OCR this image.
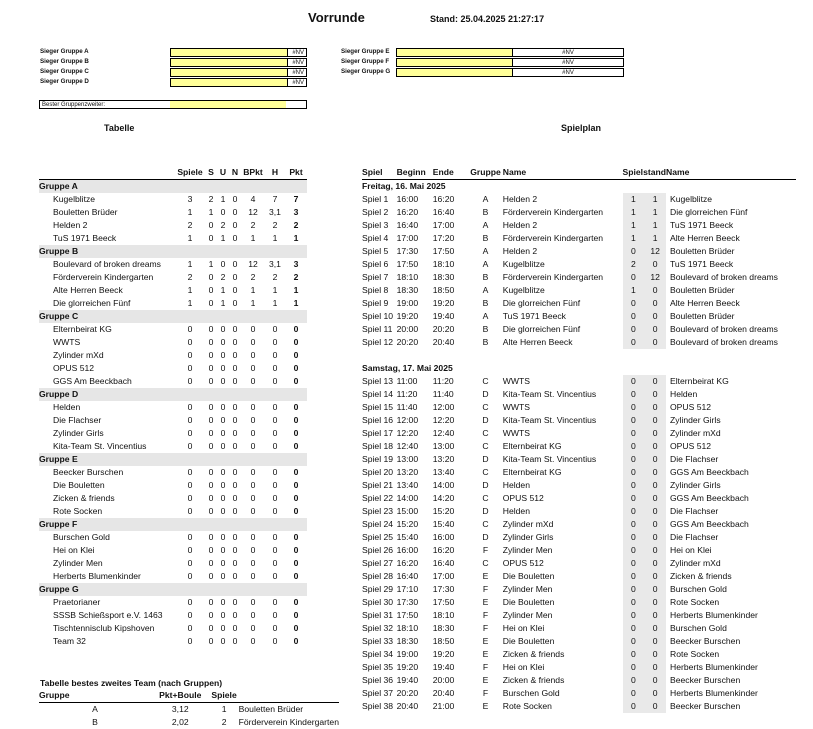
Vorrunde	Stand: 25.04.2025 21:27:17
Sieger Gruppe A	#NV
Sieger Gruppe B	#NV
Sieger Gruppe C	#NV
Sieger Gruppe D	#NV
Sieger Gruppe E	#NV
Sieger Gruppe F	#NV
Sieger Gruppe G	#NV
Bester Gruppenzweiter:
Tabelle	Spielplan
	Spiele	S	U	N	BPkt	H	Pkt
Gruppe A							
Kugelblitze	3	2	1	0	4	7	7
Bouletten Brüder	1	1	0	0	12	3,1	3
Helden 2	2	0	2	0	2	2	2
TuS 1971 Beeck	1	0	1	0	1	1	1
Gruppe B							
Boulevard of broken dreams	1	1	0	0	12	3,1	3
Förderverein Kindergarten	2	0	2	0	2	2	2
Alte Herren Beeck	1	0	1	0	1	1	1
Die glorreichen Fünf	1	0	1	0	1	1	1
Gruppe C							
Elternbeirat KG	0	0	0	0	0	0	0
WWTS	0	0	0	0	0	0	0
Zylinder mXd	0	0	0	0	0	0	0
OPUS 512	0	0	0	0	0	0	0
GGS Am Beeckbach	0	0	0	0	0	0	0
Gruppe D							
Helden	0	0	0	0	0	0	0
Die Flachser	0	0	0	0	0	0	0
Zylinder Girls	0	0	0	0	0	0	0
Kita-Team St. Vincentius	0	0	0	0	0	0	0
Gruppe E							
Beecker Burschen	0	0	0	0	0	0	0
Die Bouletten	0	0	0	0	0	0	0
Zicken & friends	0	0	0	0	0	0	0
Rote Socken	0	0	0	0	0	0	0
Gruppe F							
Burschen Gold	0	0	0	0	0	0	0
Hei on Klei	0	0	0	0	0	0	0
Zylinder Men	0	0	0	0	0	0	0
Herberts Blumenkinder	0	0	0	0	0	0	0
Gruppe G							
Praetorianer	0	0	0	0	0	0	0
SSSB Schießsport e.V. 1463	0	0	0	0	0	0	0
Tischtennisclub Kipshoven	0	0	0	0	0	0	0
Team 32	0	0	0	0	0	0	0
Tabelle bestes zweites Team (nach Gruppen)
Gruppe	Pkt+Boule	Spiele	
A	3,12	1	Bouletten Brüder
B	2,02	2	Förderverein Kindergarten
Spiel	Beginn	Ende	Gruppe	Name	Spielstand		Name
Freitag, 16. Mai 2025							
Spiel 1	16:00	16:20	A	Helden 2	1	1	Kugelblitze
Spiel 2	16:20	16:40	B	Förderverein Kindergarten	1	1	Die glorreichen Fünf
Spiel 3	16:40	17:00	A	Helden 2	1	1	TuS 1971 Beeck
Spiel 4	17:00	17:20	B	Förderverein Kindergarten	1	1	Alte Herren Beeck
Spiel 5	17:30	17:50	A	Helden 2	0	12	Bouletten Brüder
Spiel 6	17:50	18:10	A	Kugelblitze	2	0	TuS 1971 Beeck
Spiel 7	18:10	18:30	B	Förderverein Kindergarten	0	12	Boulevard of broken dreams
Spiel 8	18:30	18:50	A	Kugelblitze	1	0	Bouletten Brüder
Spiel 9	19:00	19:20	B	Die glorreichen Fünf	0	0	Alte Herren Beeck
Spiel 10	19:20	19:40	A	TuS 1971 Beeck	0	0	Bouletten Brüder
Spiel 11	20:00	20:20	B	Die glorreichen Fünf	0	0	Boulevard of broken dreams
Spiel 12	20:20	20:40	B	Alte Herren Beeck	0	0	Boulevard of broken dreams

Samstag, 17. Mai 2025							
Spiel 13	11:00	11:20	C	WWTS	0	0	Elternbeirat KG
Spiel 14	11:20	11:40	D	Kita-Team St. Vincentius	0	0	Helden
Spiel 15	11:40	12:00	C	WWTS	0	0	OPUS 512
Spiel 16	12:00	12:20	D	Kita-Team St. Vincentius	0	0	Zylinder Girls
Spiel 17	12:20	12:40	C	WWTS	0	0	Zylinder mXd
Spiel 18	12:40	13:00	C	Elternbeirat KG	0	0	OPUS 512
Spiel 19	13:00	13:20	D	Kita-Team St. Vincentius	0	0	Die Flachser
Spiel 20	13:20	13:40	C	Elternbeirat KG	0	0	GGS Am Beeckbach
Spiel 21	13:40	14:00	D	Helden	0	0	Zylinder Girls
Spiel 22	14:00	14:20	C	OPUS 512	0	0	GGS Am Beeckbach
Spiel 23	15:00	15:20	D	Helden	0	0	Die Flachser
Spiel 24	15:20	15:40	C	Zylinder mXd	0	0	GGS Am Beeckbach
Spiel 25	15:40	16:00	D	Zylinder Girls	0	0	Die Flachser
Spiel 26	16:00	16:20	F	Zylinder Men	0	0	Hei on Klei
Spiel 27	16:20	16:40	C	OPUS 512	0	0	Zylinder mXd
Spiel 28	16:40	17:00	E	Die Bouletten	0	0	Zicken & friends
Spiel 29	17:10	17:30	F	Zylinder Men	0	0	Burschen Gold
Spiel 30	17:30	17:50	E	Die Bouletten	0	0	Rote Socken
Spiel 31	17:50	18:10	F	Zylinder Men	0	0	Herberts Blumenkinder
Spiel 32	18:10	18:30	F	Hei on Klei	0	0	Burschen Gold
Spiel 33	18:30	18:50	E	Die Bouletten	0	0	Beecker Burschen
Spiel 34	19:00	19:20	E	Zicken & friends	0	0	Rote Socken
Spiel 35	19:20	19:40	F	Hei on Klei	0	0	Herberts Blumenkinder
Spiel 36	19:40	20:00	E	Zicken & friends	0	0	Beecker Burschen
Spiel 37	20:20	20:40	F	Burschen Gold	0	0	Herberts Blumenkinder
Spiel 38	20:40	21:00	E	Rote Socken	0	0	Beecker Burschen
